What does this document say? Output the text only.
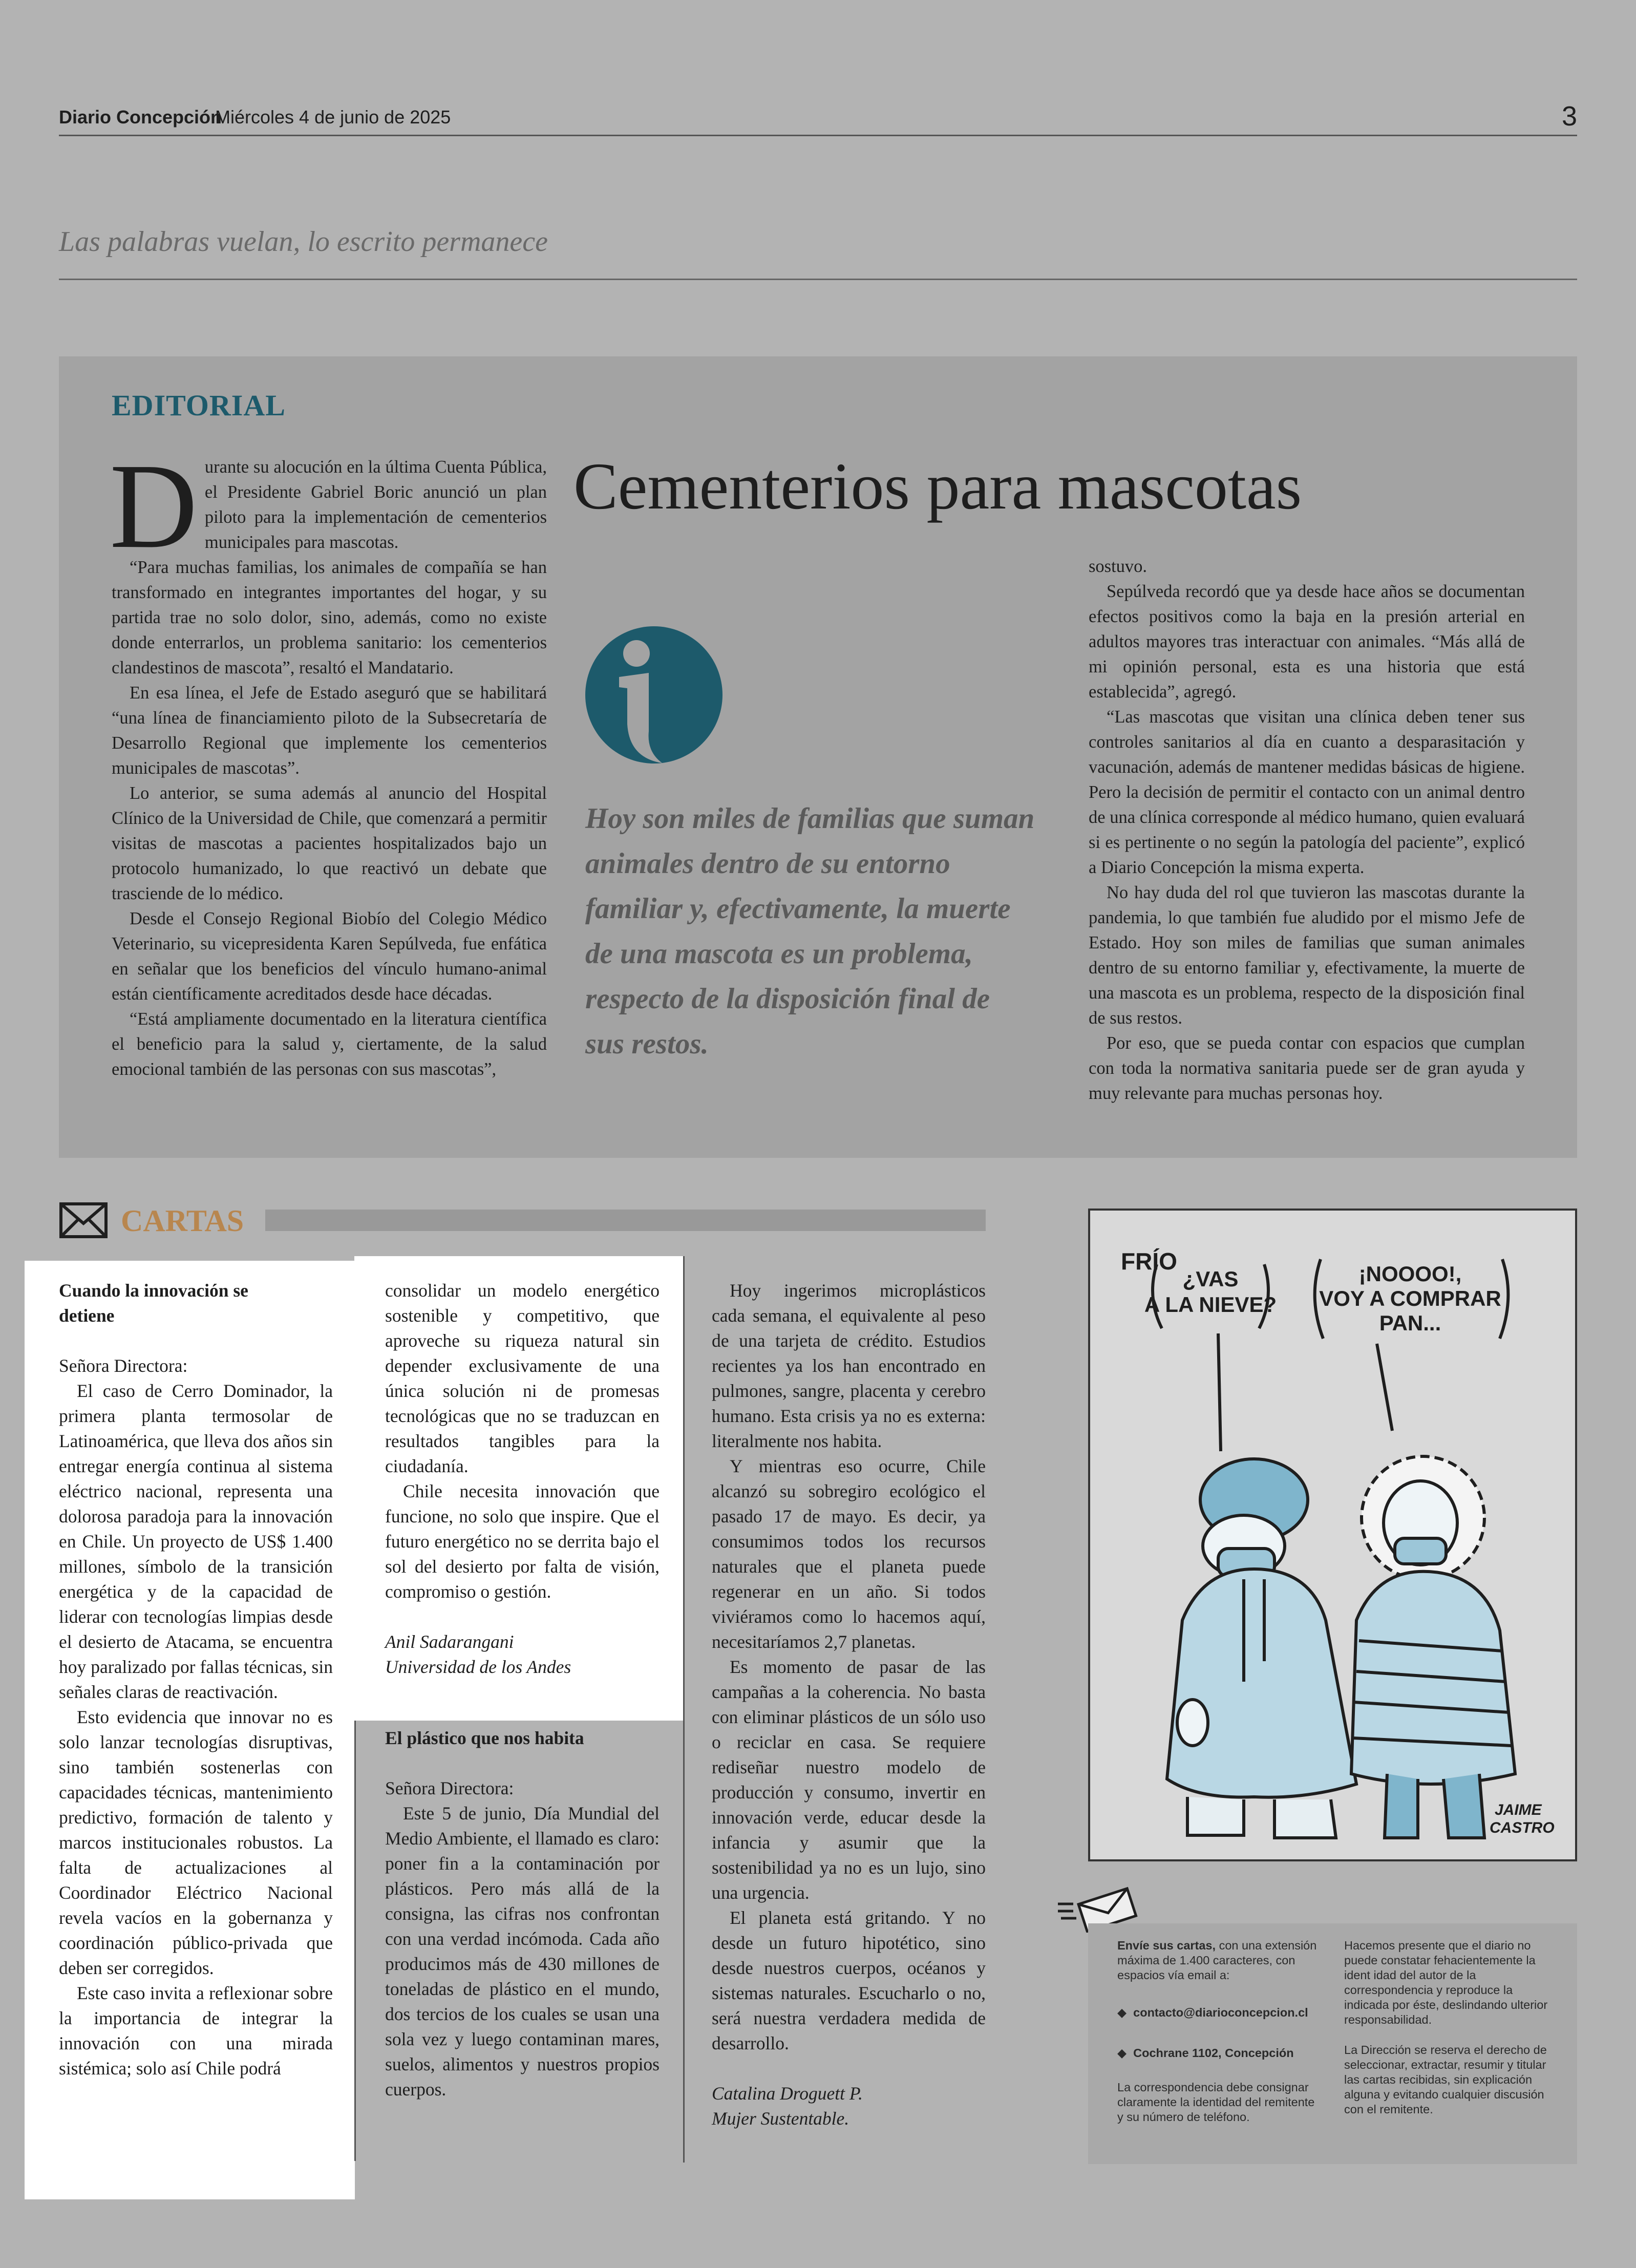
Diario Concepción
Miércoles 4 de junio de 2025	3
Las palabras vuelan, lo escrito permanece
EDITORIAL
Cementerios para mascotas

Durante su alocución en la última Cuenta Pública, el Presidente Gabriel Boric anunció un plan piloto para la implementación de cementerios municipales para mascotas.

“Para muchas familias, los animales de compañía se han transformado en integrantes importantes del hogar, y su partida trae no solo dolor, sino, además, como no existe donde enterrarlos, un problema sanitario: los cementerios clandestinos de mascota”, resaltó el Mandatario.

En esa línea, el Jefe de Estado aseguró que se habilitará “una línea de financiamiento piloto de la Subsecretaría de Desarrollo Regional que implemente los cementerios municipales de mascotas”.

Lo anterior, se suma además al anuncio del Hospital Clínico de la Universidad de Chile, que comenzará a permitir visitas de mascotas a pacientes hospitalizados bajo un protocolo humanizado, lo que reactivó un debate que trasciende de lo médico.

Desde el Consejo Regional Biobío del Colegio Médico Veterinario, su vicepresidenta Karen Sepúlveda, fue enfática en señalar que los beneficios del vínculo humano-animal están científicamente acreditados desde hace décadas.

“Está ampliamente documentado en la literatura científica el beneficio para la salud y, ciertamente, de la salud emocional también de las personas con sus mascotas”,

Hoy son miles de familias que suman animales dentro de su entorno familiar y, efectivamente, la muerte de una mascota es un problema, respecto de la disposición final de sus restos.

sostuvo.

Sepúlveda recordó que ya desde hace años se documentan efectos positivos como la baja en la presión arterial en adultos mayores tras interactuar con animales. “Más allá de mi opinión personal, esta es una historia que está establecida”, agregó.

“Las mascotas que visitan una clínica deben tener sus controles sanitarios al día en cuanto a desparasitación y vacunación, además de mantener medidas básicas de higiene. Pero la decisión de permitir el contacto con un animal dentro de una clínica corresponde al médico humano, quien evaluará si es pertinente o no según la patología del paciente”, explicó a Diario Concepción la misma experta.

No hay duda del rol que tuvieron las mascotas durante la pandemia, lo que también fue aludido por el mismo Jefe de Estado. Hoy son miles de familias que suman animales dentro de su entorno familiar y, efectivamente, la muerte de una mascota es un problema, respecto de la disposición final de sus restos.

Por eso, que se pueda contar con espacios que cumplan con toda la normativa sanitaria puede ser de gran ayuda y muy relevante para muchas personas hoy.

CARTAS

Cuando la innovación se detiene

Señora Directora:

El caso de Cerro Dominador, la primera planta termosolar de Latinoamérica, que lleva dos años sin entregar energía continua al sistema eléctrico nacional, representa una dolorosa paradoja para la innovación en Chile. Un proyecto de US$ 1.400 millones, símbolo de la transición energética y de la capacidad de liderar con tecnologías limpias desde el desierto de Atacama, se encuentra hoy paralizado por fallas técnicas, sin señales claras de reactivación.

Esto evidencia que innovar no es solo lanzar tecnologías disruptivas, sino también sostenerlas con capacidades técnicas, mantenimiento predictivo, formación de talento y marcos institucionales robustos. La falta de actualizaciones al Coordinador Eléctrico Nacional revela vacíos en la gobernanza y coordinación público-privada que deben ser corregidos.

Este caso invita a reflexionar sobre la importancia de integrar la innovación con una mirada sistémica; solo así Chile podrá

consolidar un modelo energético sostenible y competitivo, que aproveche su riqueza natural sin depender exclusivamente de una única solución ni de promesas tecnológicas que no se traduzcan en resultados tangibles para la ciudadanía.

Chile necesita innovación que funcione, no solo que inspire. Que el futuro energético no se derrita bajo el sol del desierto por falta de visión, compromiso o gestión.

Anil Sadarangani

Universidad de los Andes

El plástico que nos habita

Señora Directora:

Este 5 de junio, Día Mundial del Medio Ambiente, el llamado es claro: poner fin a la contaminación por plásticos. Pero más allá de la consigna, las cifras nos confrontan con una verdad incómoda. Cada año producimos más de 430 millones de toneladas de plástico en el mundo, dos tercios de los cuales se usan una sola vez y luego contaminan mares, suelos, alimentos y nuestros propios cuerpos.

Hoy ingerimos microplásticos cada semana, el equivalente al peso de una tarjeta de crédito. Estudios recientes ya los han encontrado en pulmones, sangre, placenta y cerebro humano. Esta crisis ya no es externa: literalmente nos habita.

Y mientras eso ocurre, Chile alcanzó su sobregiro ecológico el pasado 17 de mayo. Es decir, ya consumimos todos los recursos naturales que el planeta puede regenerar en un año. Si todos viviéramos como lo hacemos aquí, necesitaríamos 2,7 planetas.

Es momento de pasar de las campañas a la coherencia. No basta con eliminar plásticos de un sólo uso o reciclar en casa. Se requiere rediseñar nuestro modelo de producción y consumo, invertir en innovación verde, educar desde la infancia y asumir que la sostenibilidad ya no es un lujo, sino una urgencia.

El planeta está gritando. Y no desde un futuro hipotético, sino desde nuestros cuerpos, océanos y sistemas naturales. Escucharlo o no, será nuestra verdadera medida de desarrollo.

Catalina Droguett P.

Mujer Sustentable.

FRÍO
¿VAS
A LA NIEVE?
¡NOOOO!,
VOY A COMPRAR
PAN...
JAIME
CASTRO

Envíe sus cartas, con una extensión máxima de 1.400 caracteres, con espacios vía email a:

◆ contacto@diarioconcepcion.cl

◆ Cochrane 1102, Concepción

La correspondencia debe consignar claramente la identidad del remitente y su número de teléfono.

Hacemos presente que el diario no puede constatar fehacientemente la ident idad del autor de la correspondencia y reproduce la indicada por éste, deslindando ulterior responsabilidad.

La Dirección se reserva el derecho de seleccionar, extractar, resumir y titular las cartas recibidas, sin explicación alguna y evitando cualquier discusión con el remitente.
